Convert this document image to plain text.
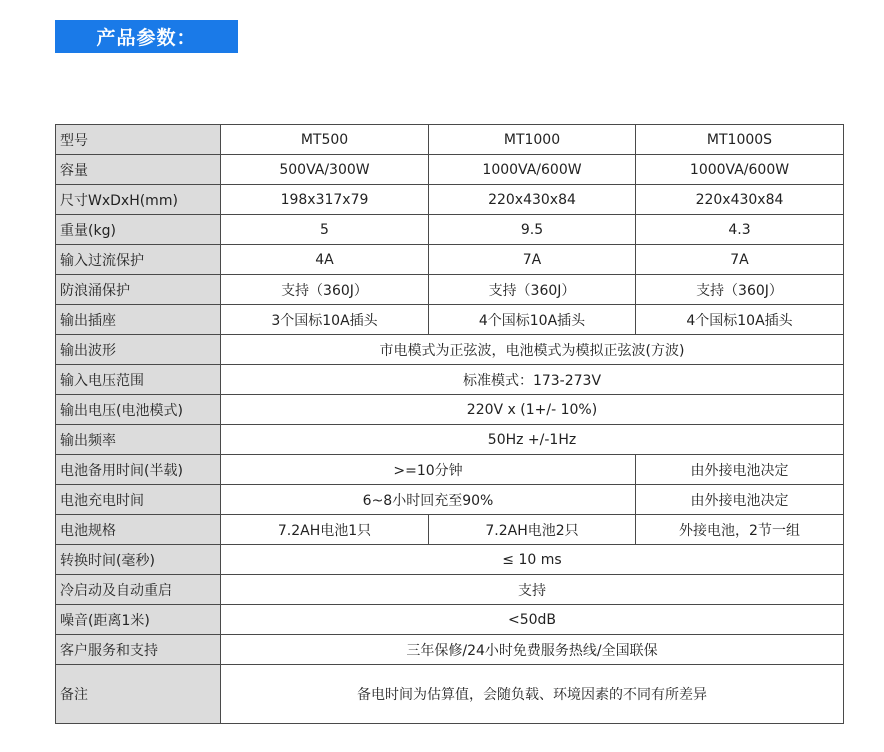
产品参数：
型号	MT500	MT1000	MT1000S
容量	500VA/300W	1000VA/600W	1000VA/600W
尺寸WxDxH(mm)	198x317x79	220x430x84	220x430x84
重量(kg)	5	9.5	4.3
输入过流保护	4A	7A	7A
防浪涌保护	支持（360J）	支持（360J）	支持（360J）
输出插座	3个国标10A插头	4个国标10A插头	4个国标10A插头
输出波形	市电模式为正弦波，电池模式为模拟正弦波(方波)		
输入电压范围	标准模式：173-273V		
输出电压(电池模式)	220V x (1+/- 10%)		
输出频率	50Hz +/-1Hz		
电池备用时间(半载)	>=10分钟		由外接电池决定
电池充电时间	6~8小时回充至90%		由外接电池决定
电池规格	7.2AH电池1只	7.2AH电池2只	外接电池，2节一组
转换时间(毫秒)	≤ 10 ms		
冷启动及自动重启	支持		
噪音(距离1米)	<50dB		
客户服务和支持	三年保修/24小时免费服务热线/全国联保		
备注	备电时间为估算值，会随负载、环境因素的不同有所差异		
